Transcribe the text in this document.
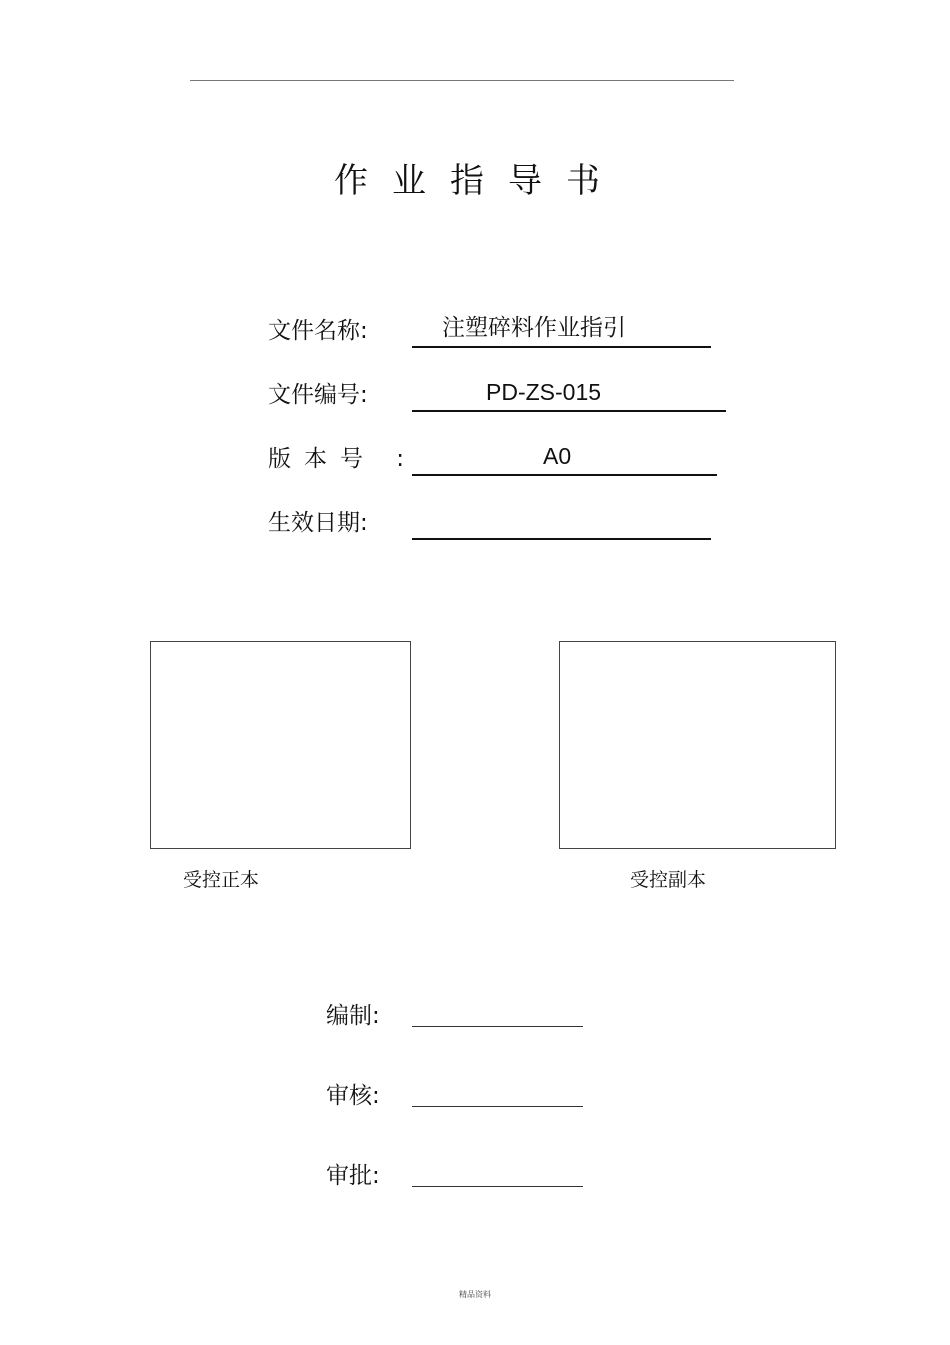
作业指导书
文件名称:	注塑碎料作业指引
文件编号:	PD-ZS-015
版本号 :	A0
生效日期:
受控正本	受控副本
编制:
审核:
审批:
精品资料
